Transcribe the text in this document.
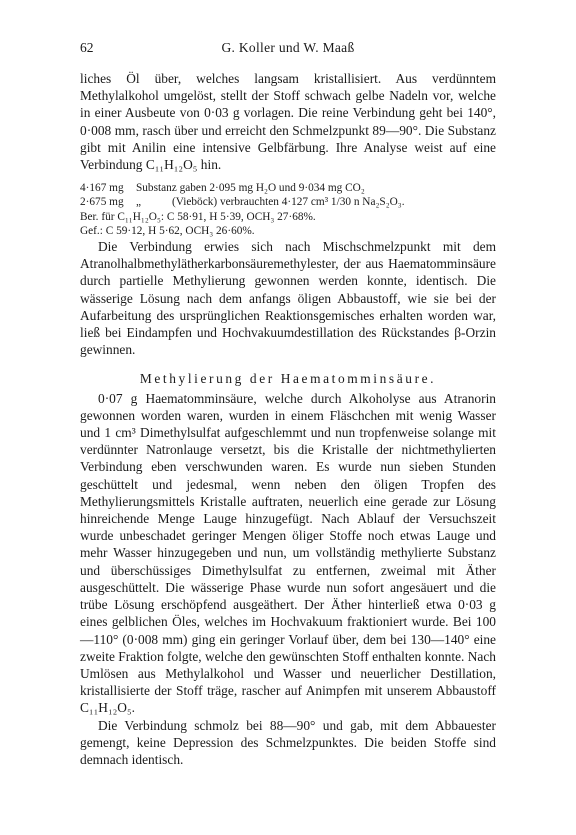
62	G. Koller und W. Maaß

liches Öl über, welches langsam kristallisiert. Aus verdünntem Methylalkohol umgelöst, stellt der Stoff schwach gelbe Nadeln vor, welche in einer Ausbeute von 0·03 g vorlagen. Die reine Verbindung geht bei 140°, 0·008 mm, rasch über und erreicht den Schmelzpunkt 89—90°. Die Substanz gibt mit Anilin eine intensive Gelbfärbung. Ihre Analyse weist auf eine Verbindung C₁₁H₁₂O₅ hin.

4·167 mg Substanz gaben 2·095 mg H₂O und 9·034 mg CO₂
2·675 mg „	(Vieböck) verbrauchten 4·127 cm³ 1/30 n Na₂S₂O₃.
Ber. für C₁₁H₁₂O₅: C 58·91, H 5·39, OCH₃ 27·68%.
Gef.: C 59·12, H 5·62, OCH₃ 26·60%.

Die Verbindung erwies sich nach Mischschmelzpunkt mit dem Atranolhalbmethylätherkarbonsäuremethylester, der aus Haematomminsäure durch partielle Methylierung gewonnen werden konnte, identisch. Die wässerige Lösung nach dem anfangs öligen Abbaustoff, wie sie bei der Aufarbeitung des ursprünglichen Reaktionsgemisches erhalten worden war, ließ bei Eindampfen und Hochvakuumdestillation des Rückstandes β-Orzin gewinnen.

Methylierung der Haematomminsäure.

0·07 g Haematomminsäure, welche durch Alkoholyse aus Atranorin gewonnen worden waren, wurden in einem Fläschchen mit wenig Wasser und 1 cm³ Dimethylsulfat aufgeschlemmt und nun tropfenweise solange mit verdünnter Natronlauge versetzt, bis die Kristalle der nichtmethylierten Verbindung eben verschwunden waren. Es wurde nun sieben Stunden geschüttelt und jedesmal, wenn neben den öligen Tropfen des Methylierungsmittels Kristalle auftraten, neuerlich eine gerade zur Lösung hinreichende Menge Lauge hinzugefügt. Nach Ablauf der Versuchszeit wurde unbeschadet geringer Mengen öliger Stoffe noch etwas Lauge und mehr Wasser hinzugegeben und nun, um vollständig methylierte Substanz und überschüssiges Dimethylsulfat zu entfernen, zweimal mit Äther ausgeschüttelt. Die wässerige Phase wurde nun sofort angesäuert und die trübe Lösung erschöpfend ausgeäthert. Der Äther hinterließ etwa 0·03 g eines gelblichen Öles, welches im Hochvakuum fraktioniert wurde. Bei 100—110° (0·008 mm) ging ein geringer Vorlauf über, dem bei 130—140° eine zweite Fraktion folgte, welche den gewünschten Stoff enthalten konnte. Nach Umlösen aus Methylalkohol und Wasser und neuerlicher Destillation, kristallisierte der Stoff träge, rascher auf Animpfen mit unserem Abbaustoff C₁₁H₁₂O₅.

Die Verbindung schmolz bei 88—90° und gab, mit dem Abbauester gemengt, keine Depression des Schmelzpunktes. Die beiden Stoffe sind demnach identisch.
